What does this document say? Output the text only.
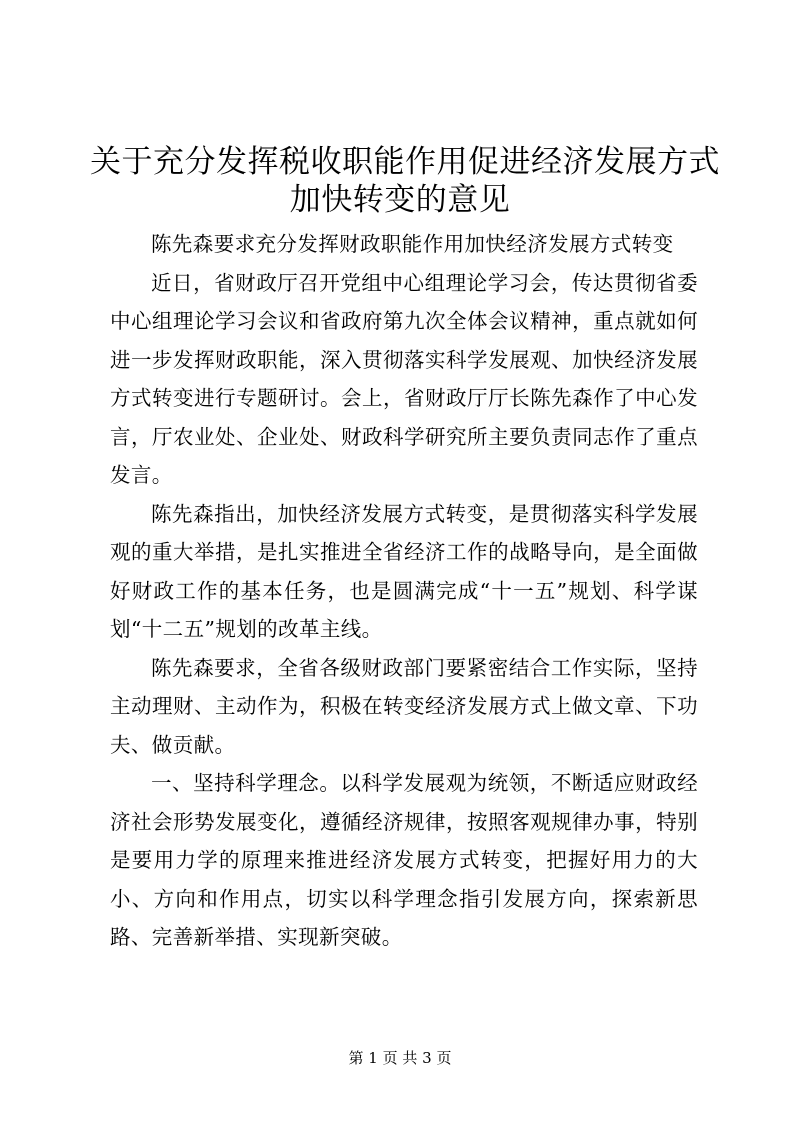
关于充分发挥税收职能作用促进经济发展方式
加快转变的意见

陈先森要求充分发挥财政职能作用加快经济发展方式转变

近日，省财政厅召开党组中心组理论学习会，传达贯彻省委中心组理论学习会议和省政府第九次全体会议精神，重点就如何进一步发挥财政职能，深入贯彻落实科学发展观、加快经济发展方式转变进行专题研讨。会上，省财政厅厅长陈先森作了中心发言，厅农业处、企业处、财政科学研究所主要负责同志作了重点发言。

陈先森指出，加快经济发展方式转变，是贯彻落实科学发展观的重大举措，是扎实推进全省经济工作的战略导向，是全面做好财政工作的基本任务，也是圆满完成“十一五”规划、科学谋划“十二五”规划的改革主线。

陈先森要求，全省各级财政部门要紧密结合工作实际，坚持主动理财、主动作为，积极在转变经济发展方式上做文章、下功夫、做贡献。

一、坚持科学理念。以科学发展观为统领，不断适应财政经济社会形势发展变化，遵循经济规律，按照客观规律办事，特别是要用力学的原理来推进经济发展方式转变，把握好用力的大小、方向和作用点，切实以科学理念指引发展方向，探索新思路、完善新举措、实现新突破。

第 1 页 共 3 页
